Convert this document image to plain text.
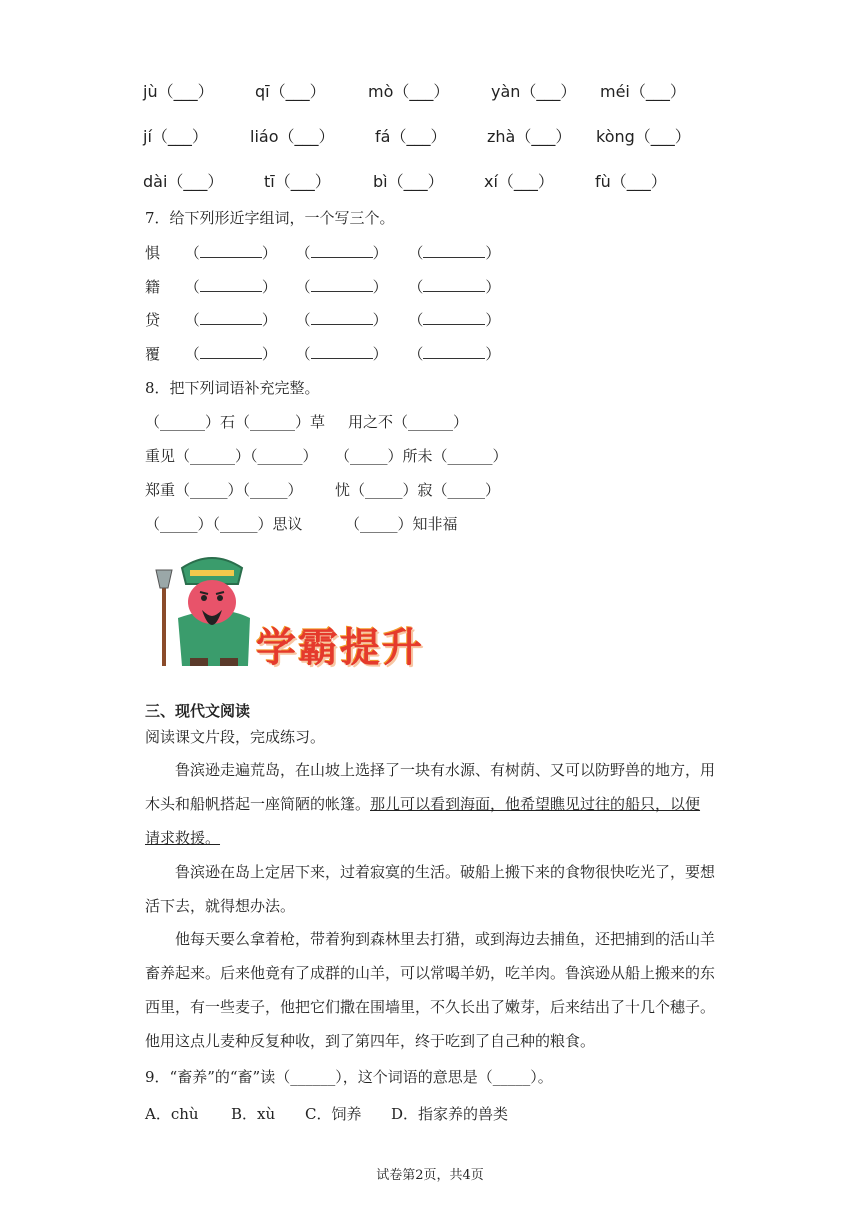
jù（___）	qī（___）	mò（___）	yàn（___） méi（___）
jí（___）	liáo（___）	fá（___）	zhà（___） kòng（___）
dài（___）	tī（___）	bì（___）	xí（___）	fù（___）
7．给下列形近字组词，一个写三个。
惧 （	） （	） （	）
籍 （	） （	） （	）
贷 （	） （	） （	）
覆 （	） （	） （	）
8．把下列词语补充完整。
（______）石（______）草 用之不（______）
重见（______）（______） （_____）所未（______）
郑重（_____）（_____） 忧（_____）寂（_____）
（_____）（_____）思议	（_____）知非福
学霸提升
三、现代文阅读
阅读课文片段，完成练习。
鲁滨逊走遍荒岛，在山坡上选择了一块有水源、有树荫、又可以防野兽的地方，用木头和船帆搭起一座简陋的帐篷。那儿可以看到海面，他希望瞧见过往的船只，以便请求救援。
鲁滨逊在岛上定居下来，过着寂寞的生活。破船上搬下来的食物很快吃光了，要想活下去，就得想办法。
他每天要么拿着枪，带着狗到森林里去打猎，或到海边去捕鱼，还把捕到的活山羊畜养起来。后来他竟有了成群的山羊，可以常喝羊奶，吃羊肉。鲁滨逊从船上搬来的东西里，有一些麦子，他把它们撒在围墙里，不久长出了嫩芽，后来结出了十几个穗子。他用这点儿麦种反复种收，到了第四年，终于吃到了自己种的粮食。
9．“畜养”的“畜”读（______），这个词语的意思是（_____）。
A．chù B．xù C．饲养 D．指家养的兽类
试卷第2页，共4页
